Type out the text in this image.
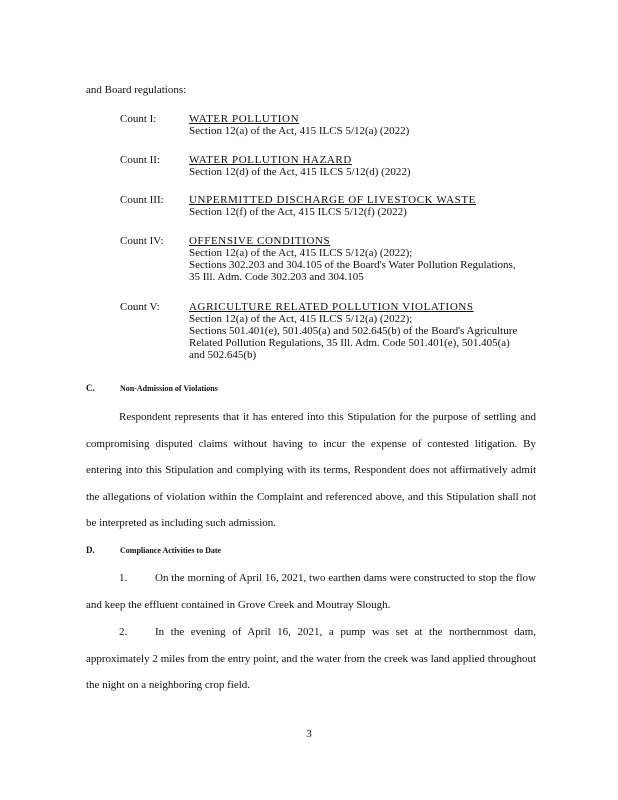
and Board regulations:
Count I:	WATER POLLUTION
Section 12(a) of the Act, 415 ILCS 5/12(a) (2022)
Count II:	WATER POLLUTION HAZARD
Section 12(d) of the Act, 415 ILCS 5/12(d) (2022)
Count III:	UNPERMITTED DISCHARGE OF LIVESTOCK WASTE
Section 12(f) of the Act, 415 ILCS 5/12(f) (2022)
Count IV:	OFFENSIVE CONDITIONS
Section 12(a) of the Act, 415 ILCS 5/12(a) (2022);
Sections 302.203 and 304.105 of the Board's Water Pollution Regulations,
35 Ill. Adm. Code 302.203 and 304.105
Count V:	AGRICULTURE RELATED POLLUTION VIOLATIONS
Section 12(a) of the Act, 415 ILCS 5/12(a) (2022);
Sections 501.401(e), 501.405(a) and 502.645(b) of the Board's Agriculture
Related Pollution Regulations, 35 Ill. Adm. Code 501.401(e), 501.405(a)
and 502.645(b)
C.	Non-Admission of Violations
Respondent represents that it has entered into this Stipulation for the purpose of settling and compromising disputed claims without having to incur the expense of contested litigation. By entering into this Stipulation and complying with its terms, Respondent does not affirmatively admit the allegations of violation within the Complaint and referenced above, and this Stipulation shall not be interpreted as including such admission.
D.	Compliance Activities to Date
1.	On the morning of April 16, 2021, two earthen dams were constructed to stop the flow and keep the effluent contained in Grove Creek and Moutray Slough.
2.	In the evening of April 16, 2021, a pump was set at the northernmost dam, approximately 2 miles from the entry point, and the water from the creek was land applied throughout the night on a neighboring crop field.
3
